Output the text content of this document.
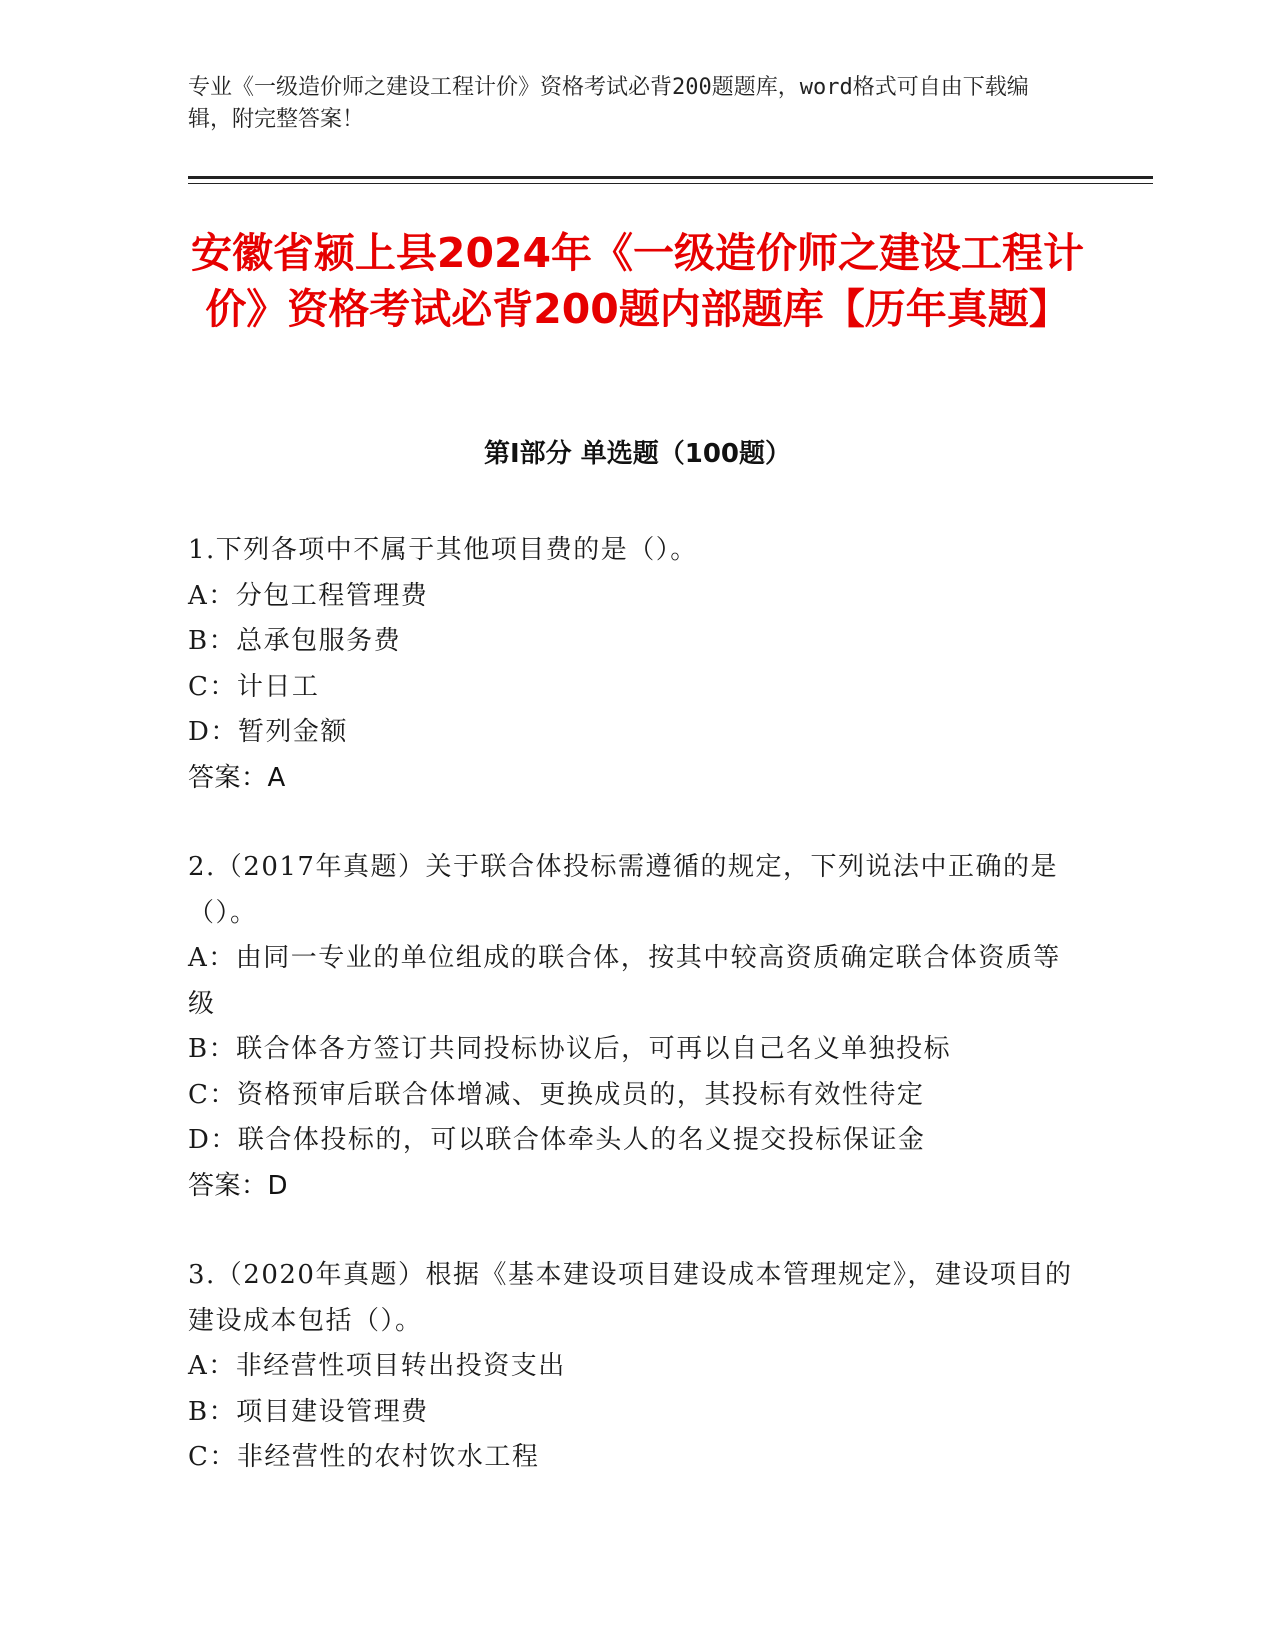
专业《一级造价师之建设工程计价》资格考试必背200题题库，word格式可自由下载编辑，附完整答案！
安徽省颍上县2024年《一级造价师之建设工程计价》资格考试必背200题内部题库【历年真题】
第I部分 单选题（100题）

1.下列各项中不属于其他项目费的是（）。

A：分包工程管理费

B：总承包服务费

C：计日工

D：暂列金额

答案：A

2.（2017年真题）关于联合体投标需遵循的规定，下列说法中正确的是（）。

A：由同一专业的单位组成的联合体，按其中较高资质确定联合体资质等级

B：联合体各方签订共同投标协议后，可再以自己名义单独投标

C：资格预审后联合体增减、更换成员的，其投标有效性待定

D：联合体投标的，可以联合体牵头人的名义提交投标保证金

答案：D

3.（2020年真题）根据《基本建设项目建设成本管理规定》，建设项目的建设成本包括（）。

A：非经营性项目转出投资支出

B：项目建设管理费

C：非经营性的农村饮水工程
